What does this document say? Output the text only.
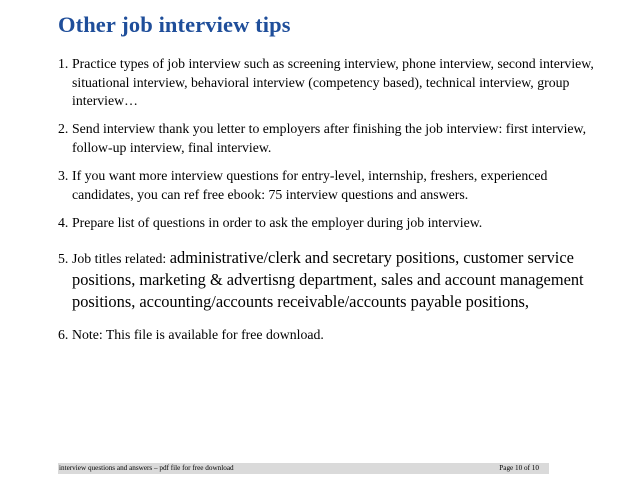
Other job interview tips
1. Practice types of job interview such as screening interview, phone interview, second interview, situational interview, behavioral interview (competency based), technical interview, group interview…
2. Send interview thank you letter to employers after finishing the job interview: first interview, follow-up interview, final interview.
3. If you want more interview questions for entry-level, internship, freshers, experienced candidates, you can ref free ebook: 75 interview questions and answers.
4. Prepare list of questions in order to ask the employer during job interview.
5. Job titles related: administrative/clerk and secretary positions, customer service positions, marketing & advertisng department, sales and account management positions, accounting/accounts receivable/accounts payable positions,
6. Note: This file is available for free download.
interview questions and answers – pdf file for free download	Page 10 of 10
